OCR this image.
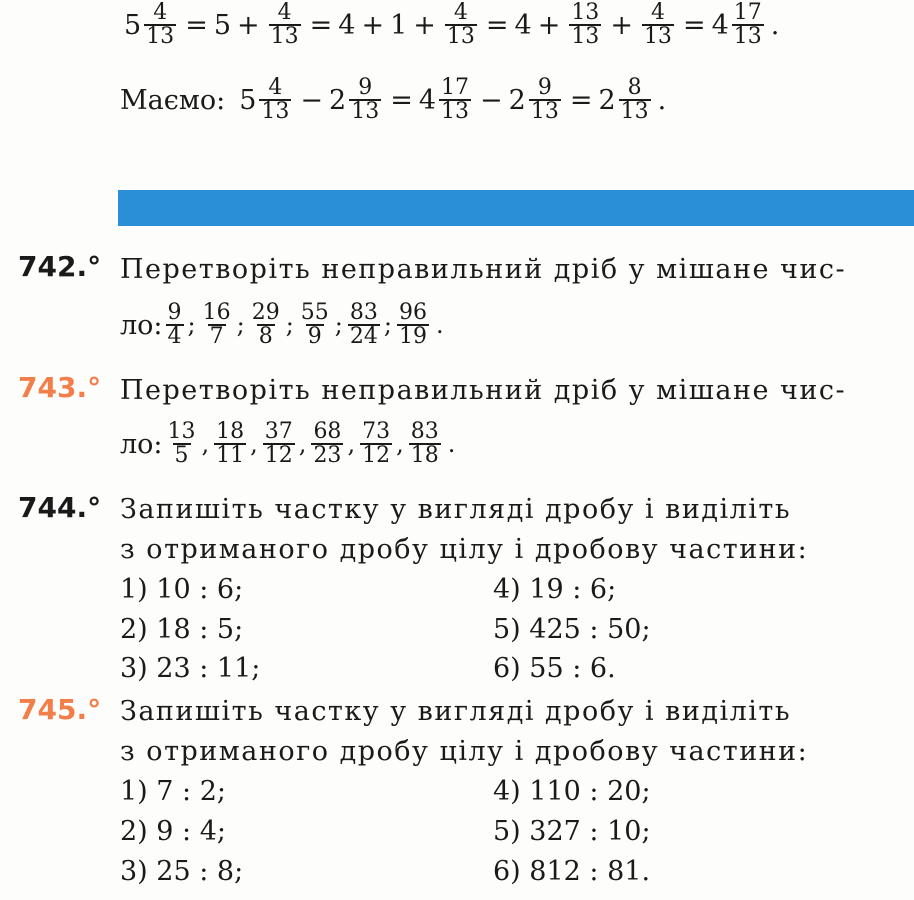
$5 \frac{4}{13} = 5 + \frac{4}{13} = 4 + 1 + \frac{4}{13} = 4 + \frac{13}{13} + \frac{4}{13} = 4 \frac{17}{13}$ .
Маємо: $5 \frac{4}{13} - 2 \frac{9}{13} = 4 \frac{17}{13} - 2 \frac{9}{13} = 2 \frac{8}{13}$ .
742.° Перетворіть неправильний дріб у мішане чис-
ло: $\frac{9}{4}$ ; $\frac{16}{7}$ ; $\frac{29}{8}$ ; $\frac{55}{9}$ ; $\frac{83}{24}$ ; $\frac{96}{19}$ .
743.° Перетворіть неправильний дріб у мішане чис-
ло: $\frac{13}{5}$ , $\frac{18}{11}$ , $\frac{37}{12}$ , $\frac{68}{23}$ , $\frac{73}{12}$ , $\frac{83}{18}$ .
744.° Запишіть частку у вигляді дробу і виділіть
з отриманого дробу цілу і дробову частини:
1) 10 : 6;
2) 18 : 5;
3) 23 : 11;
4) 19 : 6;
5) 425 : 50;
6) 55 : 6.
745.° Запишіть частку у вигляді дробу і виділіть
з отриманого дробу цілу і дробову частини:
1) 7 : 2;
2) 9 : 4;
3) 25 : 8;
4) 110 : 20;
5) 327 : 10;
6) 812 : 81.
